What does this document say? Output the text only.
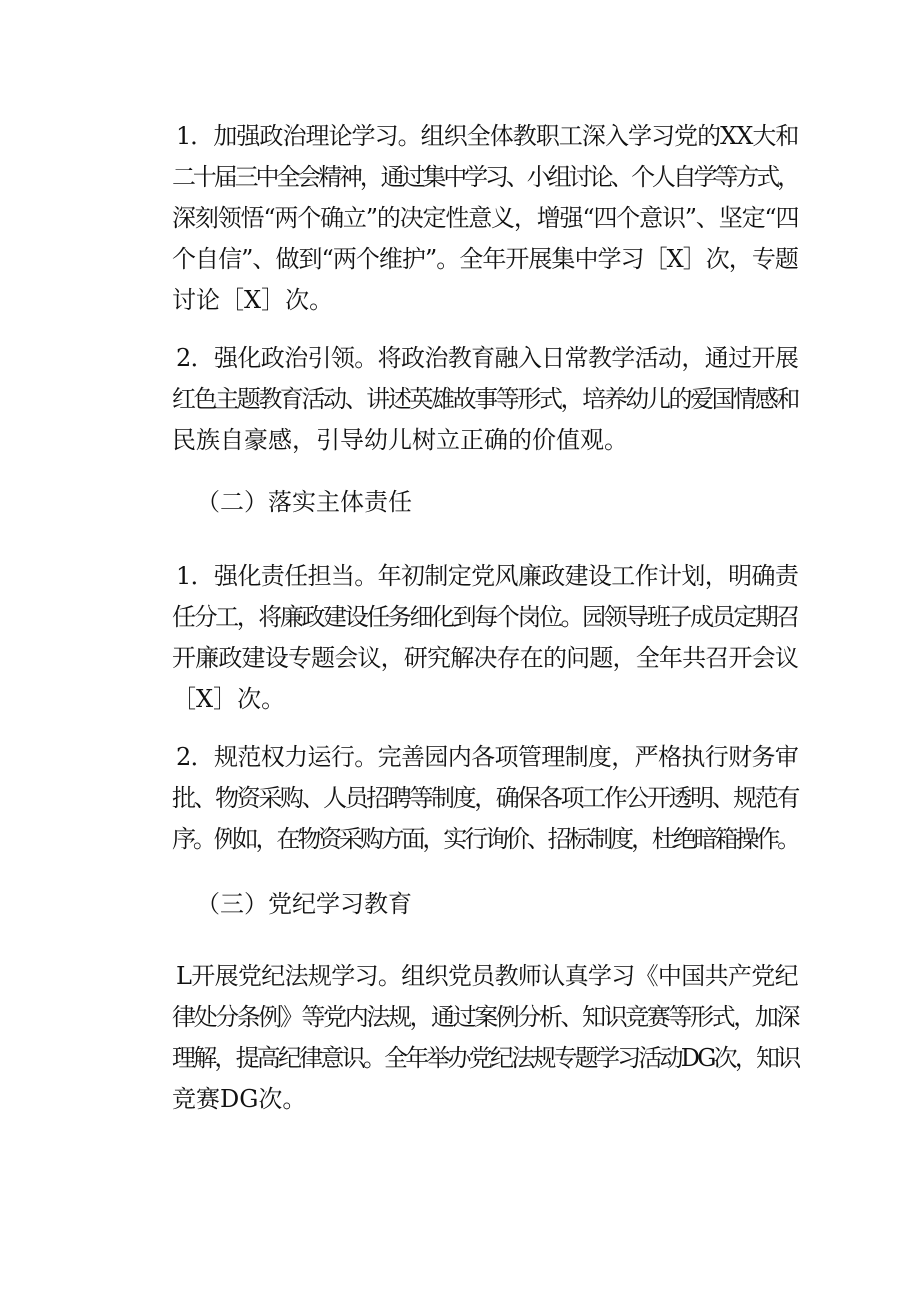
1．加强政治理论学习。组织全体教职工深入学习党的XX大和
二十届三中全会精神，通过集中学习、小组讨论、个人自学等方式，
深刻领悟“两个确立”的决定性意义，增强“四个意识”、坚定“四
个自信”、做到“两个维护”。全年开展集中学习［X］次，专题
讨论［X］次。
2．强化政治引领。将政治教育融入日常教学活动，通过开展
红色主题教育活动、讲述英雄故事等形式，培养幼儿的爱国情感和
民族自豪感，引导幼儿树立正确的价值观。
（二）落实主体责任
1．强化责任担当。年初制定党风廉政建设工作计划，明确责
任分工，将廉政建设任务细化到每个岗位。园领导班子成员定期召
开廉政建设专题会议，研究解决存在的问题，全年共召开会议
［X］次。
2．规范权力运行。完善园内各项管理制度，严格执行财务审
批、物资采购、人员招聘等制度，确保各项工作公开透明、规范有
序。例如，在物资采购方面，实行询价、招标制度，杜绝暗箱操作。
（三）党纪学习教育
L开展党纪法规学习。组织党员教师认真学习《中国共产党纪
律处分条例》等党内法规，通过案例分析、知识竞赛等形式，加深
理解，提高纪律意识。全年举办党纪法规专题学习活动DG次，知识
竞赛DG次。
